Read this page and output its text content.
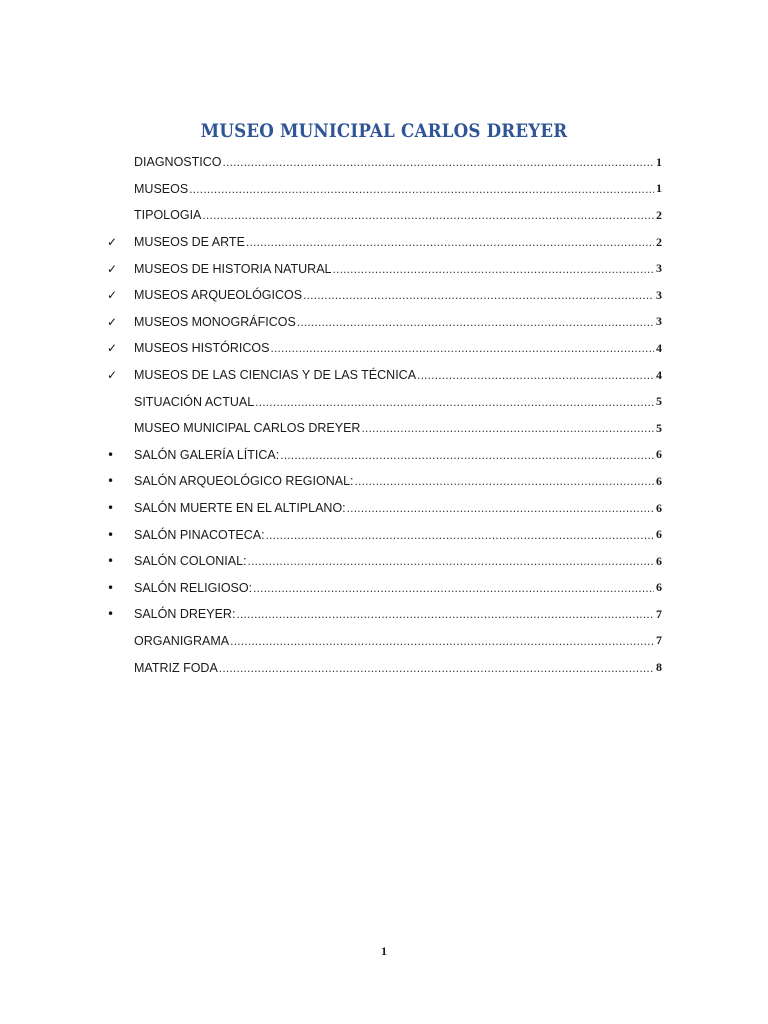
MUSEO MUNICIPAL CARLOS DREYER
DIAGNOSTICO .....	1
MUSEOS .....	1
TIPOLOGIA .....	2
✓	MUSEOS DE ARTE .....	2
✓	MUSEOS DE HISTORIA NATURAL .....	3
✓	MUSEOS ARQUEOLÓGICOS .....	3
✓	MUSEOS MONOGRÁFICOS .....	3
✓	MUSEOS HISTÓRICOS .....	4
✓	MUSEOS DE LAS CIENCIAS Y DE LAS TÉCNICA .....	4
SITUACIÓN ACTUAL .....	5
MUSEO MUNICIPAL CARLOS DREYER .....	5
•	SALÓN GALERÍA LÍTICA: .....	6
•	SALÓN ARQUEOLÓGICO REGIONAL: .....	6
•	SALÓN MUERTE EN EL ALTIPLANO: .....	6
•	SALÓN PINACOTECA: .....	6
•	SALÓN COLONIAL: .....	6
•	SALÓN RELIGIOSO: .....	6
•	SALÓN DREYER: .....	7
ORGANIGRAMA .....	7
MATRIZ FODA .....	8
1
